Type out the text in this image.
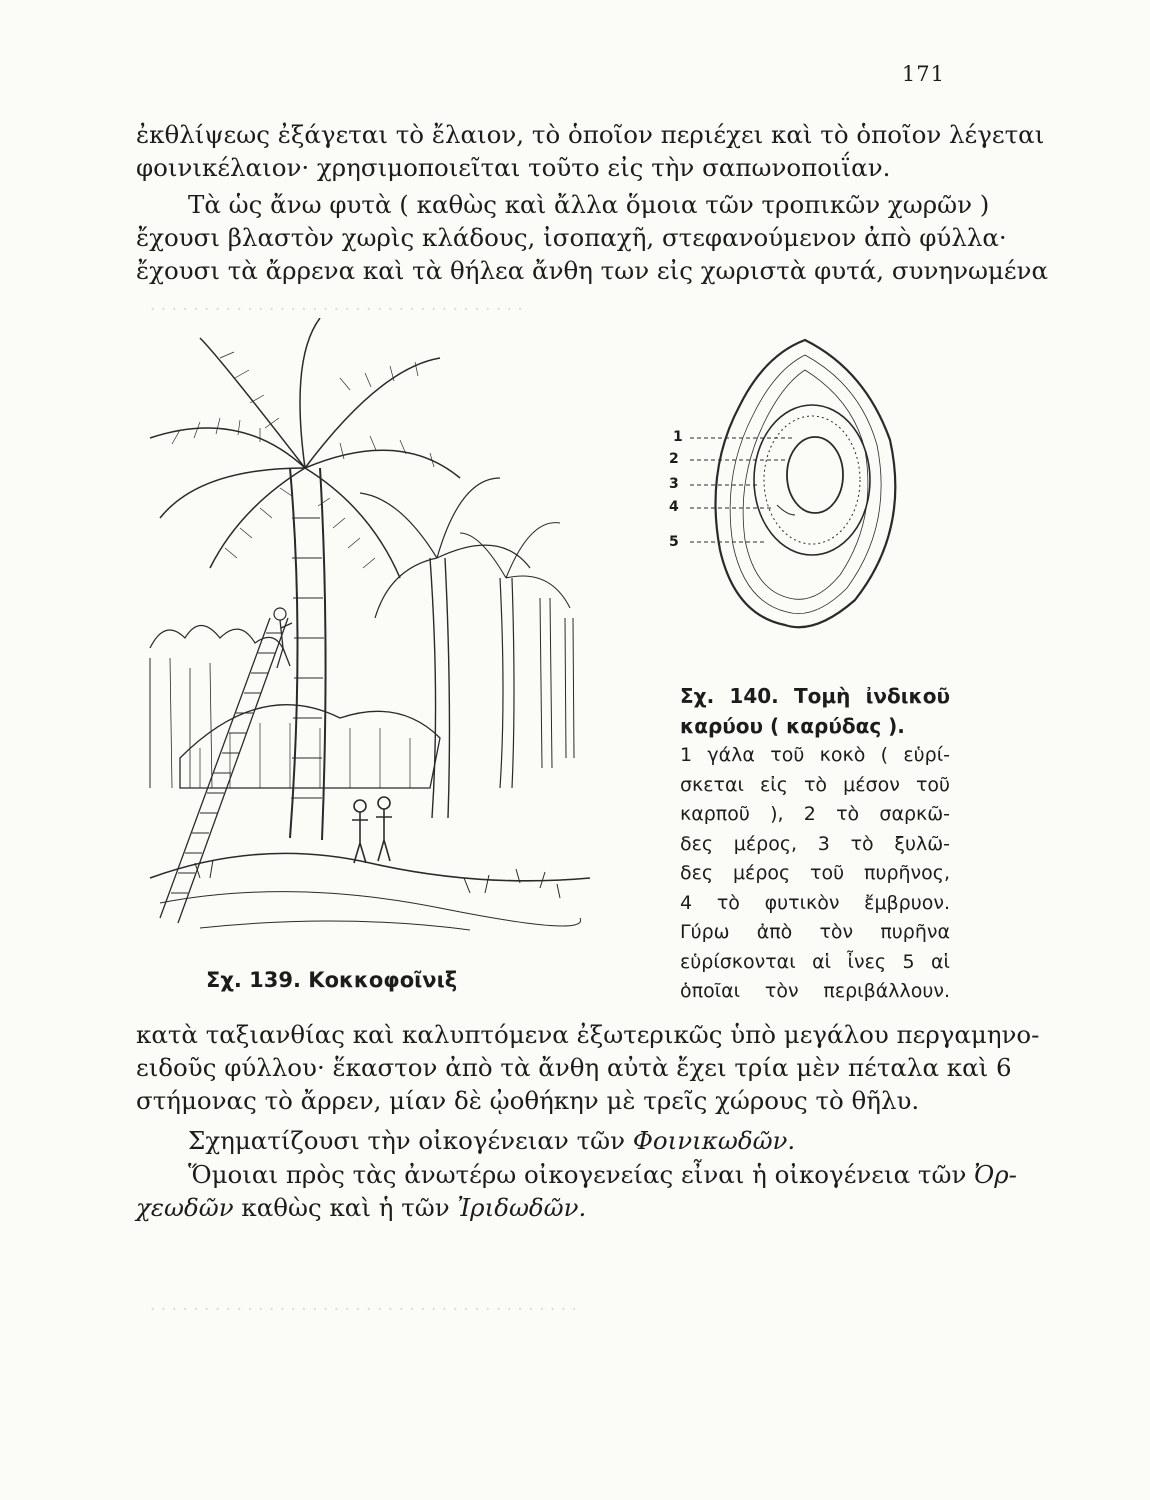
· · · · · · · · · · · · · · · · · · · · · · · · · · · · · · · · · · ·
· · · · · · · · · · · · · · · · · · · · · · · · · · · · · · · · · · · · · · · ·
171

ἐκθλίψεως ἐξάγεται τὸ ἔλαιον, τὸ ὁποῖον περιέχει καὶ τὸ ὁποῖον λέγεται
φοινικέλαιον· χρησιμοποιεῖται τοῦτο εἰς τὴν σαπωνοποιΐαν.

Τὰ ὡς ἄνω φυτὰ ( καθὼς καὶ ἄλλα ὅμοια τῶν τροπικῶν χωρῶν )
ἔχουσι βλαστὸν χωρὶς κλάδους, ἰσοπαχῆ, στεφανούμενον ἀπὸ φύλλα·
ἔχουσι τὰ ἄρρενα καὶ τὰ θήλεα ἄνθη των εἰς χωριστὰ φυτά, συνηνωμένα

Σχ. 139. Κοκκοφοῖνιξ
1
2
3
4
5
Σχ. 140. Τομὴ ἰνδικοῦ
καρύου ( καρύδας ).
1 γάλα τοῦ κοκὸ ( εὑρί-
σκεται εἰς τὸ μέσον τοῦ
καρποῦ ), 2 τὸ σαρκῶ-
δες μέρος, 3 τὸ ξυλῶ-
δες μέρος τοῦ πυρῆνος,
4 τὸ φυτικὸν ἔμβρυον.
Γύρω ἀπὸ τὸν πυρῆνα
εὑρίσκονται αἱ ἶνες 5 αἱ
ὁποῖαι τὸν περιβάλλουν.

κατὰ ταξιανθίας καὶ καλυπτόμενα ἐξωτερικῶς ὑπὸ μεγάλου περγαμηνο-
ειδοῦς φύλλου· ἕκαστον ἀπὸ τὰ ἄνθη αὐτὰ ἔχει τρία μὲν πέταλα καὶ 6
στήμονας τὸ ἄρρεν, μίαν δὲ ᾠοθήκην μὲ τρεῖς χώρους τὸ θῆλυ.

Σχηματίζουσι τὴν οἰκογένειαν τῶν Φοινικωδῶν.

Ὅμοιαι πρὸς τὰς ἀνωτέρω οἰκογενείας εἶναι ἡ οἰκογένεια τῶν Ὀρ-
χεωδῶν καθὼς καὶ ἡ τῶν Ἰριδωδῶν.
